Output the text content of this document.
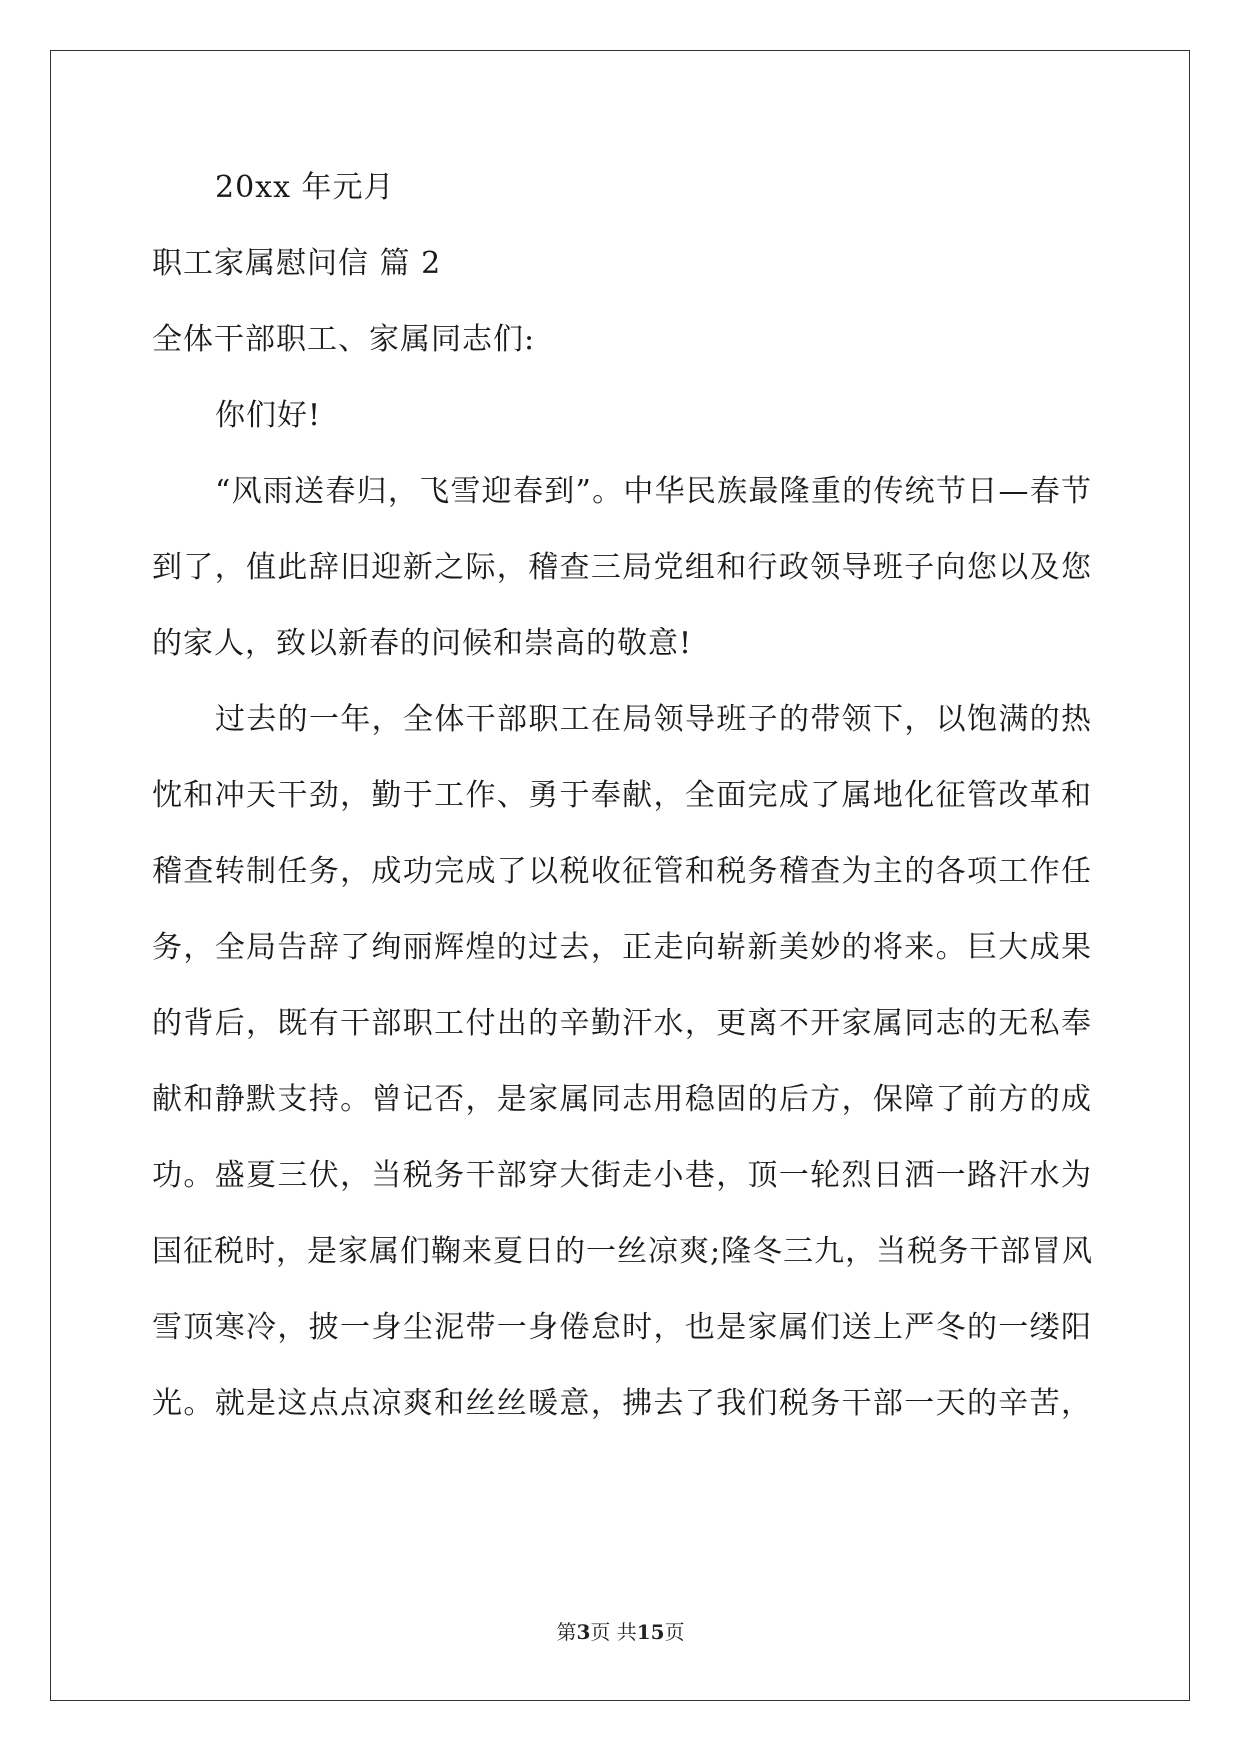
20xx 年元月
职工家属慰问信 篇 2
全体干部职工、家属同志们:
你们好!
“风雨送春归，飞雪迎春到”。中华民族最隆重的传统节日—春节
到了，值此辞旧迎新之际，稽查三局党组和行政领导班子向您以及您
的家人，致以新春的问候和崇高的敬意!
过去的一年，全体干部职工在局领导班子的带领下，以饱满的热
忱和冲天干劲，勤于工作、勇于奉献，全面完成了属地化征管改革和
稽查转制任务，成功完成了以税收征管和税务稽查为主的各项工作任
务，全局告辞了绚丽辉煌的过去，正走向崭新美妙的将来。巨大成果
的背后，既有干部职工付出的辛勤汗水，更离不开家属同志的无私奉
献和静默支持。曾记否，是家属同志用稳固的后方，保障了前方的成
功。盛夏三伏，当税务干部穿大街走小巷，顶一轮烈日洒一路汗水为
国征税时，是家属们鞠来夏日的一丝凉爽;隆冬三九，当税务干部冒风
雪顶寒冷，披一身尘泥带一身倦怠时，也是家属们送上严冬的一缕阳
光。就是这点点凉爽和丝丝暖意，拂去了我们税务干部一天的辛苦，
第3页 共15页
